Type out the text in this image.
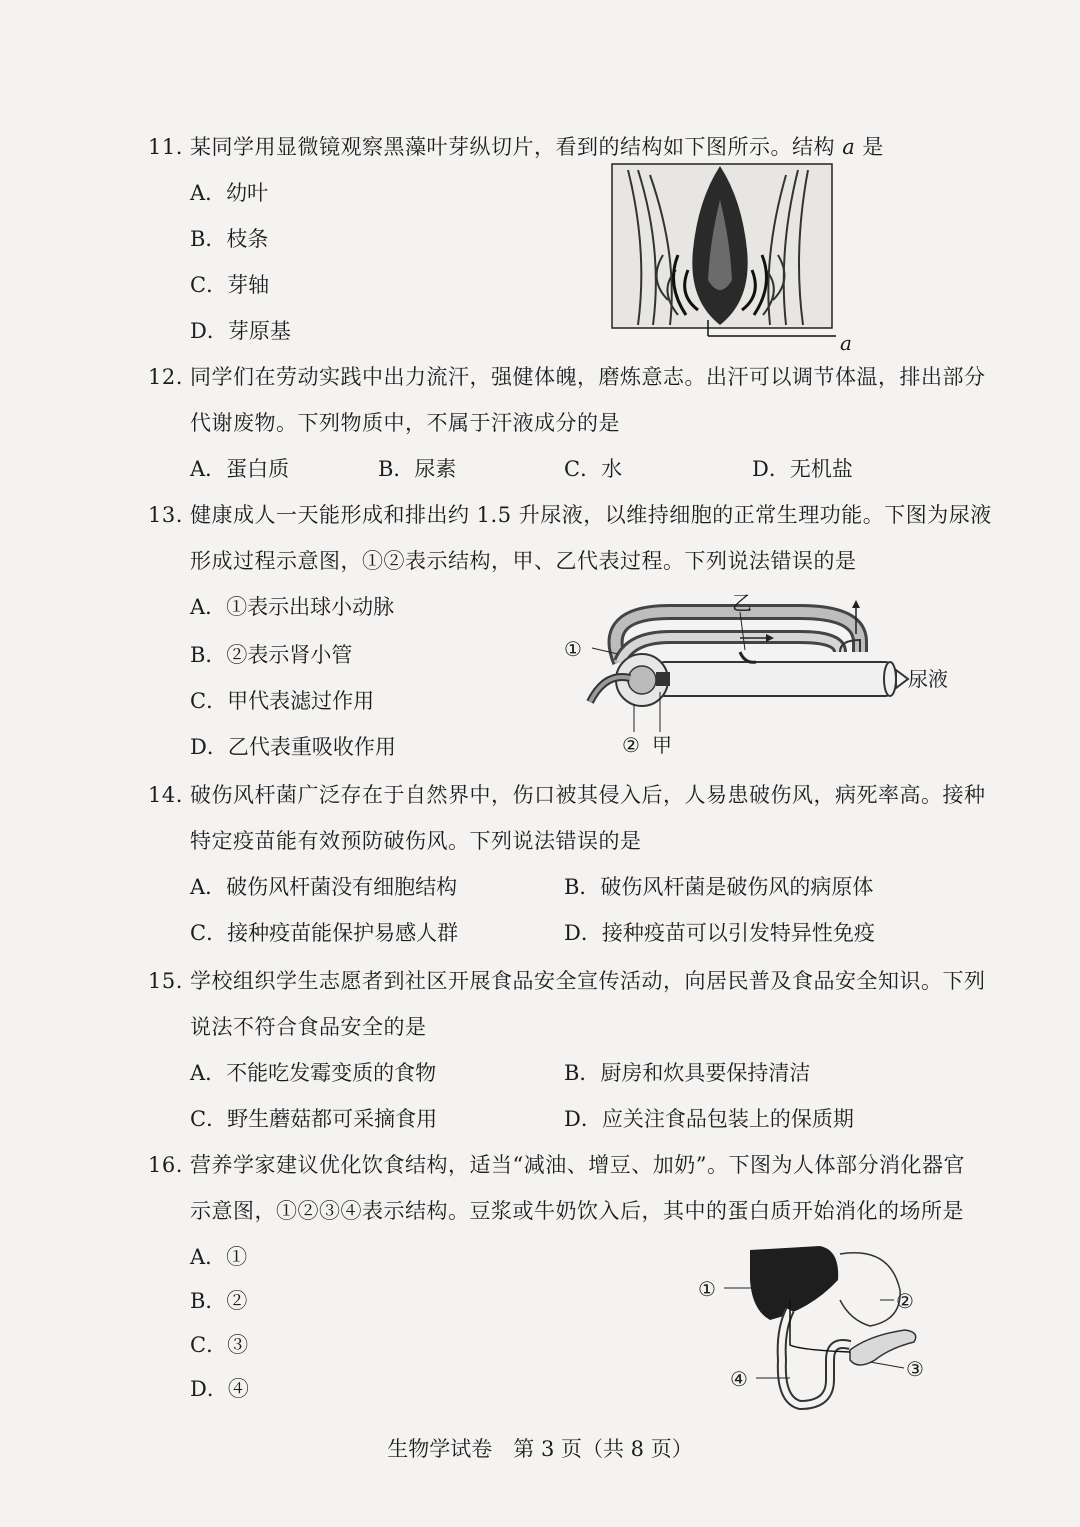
11. 某同学用显微镜观察黑藻叶芽纵切片，看到的结构如下图所示。结构 a 是
A．幼叶
B．枝条
C．芽轴
D．芽原基	a
12. 同学们在劳动实践中出力流汗，强健体魄，磨炼意志。出汗可以调节体温，排出部分
代谢废物。下列物质中，不属于汗液成分的是
A．蛋白质	B．尿素	C．水	D．无机盐
13. 健康成人一天能形成和排出约 1.5 升尿液，以维持细胞的正常生理功能。下图为尿液
形成过程示意图，①②表示结构，甲、乙代表过程。下列说法错误的是
A．①表示出球小动脉
B．②表示肾小管
C．甲代表滤过作用
D．乙代表重吸收作用
①
② 甲
乙
尿液
14. 破伤风杆菌广泛存在于自然界中，伤口被其侵入后，人易患破伤风，病死率高。接种
特定疫苗能有效预防破伤风。下列说法错误的是
A．破伤风杆菌没有细胞结构	B．破伤风杆菌是破伤风的病原体
C．接种疫苗能保护易感人群	D．接种疫苗可以引发特异性免疫
15. 学校组织学生志愿者到社区开展食品安全宣传活动，向居民普及食品安全知识。下列
说法不符合食品安全的是
A．不能吃发霉变质的食物	B．厨房和炊具要保持清洁
C．野生蘑菇都可采摘食用	D．应关注食品包装上的保质期
16. 营养学家建议优化饮食结构，适当“减油、增豆、加奶”。下图为人体部分消化器官
示意图，①②③④表示结构。豆浆或牛奶饮入后，其中的蛋白质开始消化的场所是
A．①
B．②
C．③
D．④
①	②
③
④
生物学试卷　第 3 页（共 8 页）
